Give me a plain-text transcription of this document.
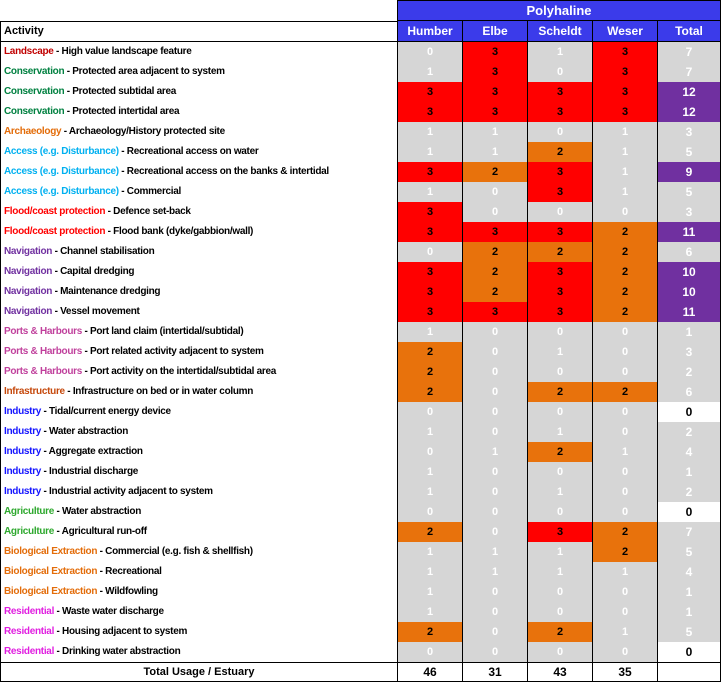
Polyhaline
Activity	Humber	Elbe	Scheldt	Weser	Total
Landscape - High value landscape feature	0	3	1	3	7
Conservation - Protected area adjacent to system	1	3	0	3	7
Conservation - Protected subtidal area	3	3	3	3	12
Conservation - Protected intertidal area	3	3	3	3	12
Archaeology - Archaeology/History protected site	1	1	0	1	3
Access (e.g. Disturbance) - Recreational access on water	1	1	2	1	5
Access (e.g. Disturbance) - Recreational access on the banks & intertidal	3	2	3	1	9
Access (e.g. Disturbance) - Commercial	1	0	3	1	5
Flood/coast protection - Defence set-back	3	0	0	0	3
Flood/coast protection - Flood bank (dyke/gabbion/wall)	3	3	3	2	11
Navigation - Channel stabilisation	0	2	2	2	6
Navigation - Capital dredging	3	2	3	2	10
Navigation - Maintenance dredging	3	2	3	2	10
Navigation - Vessel movement	3	3	3	2	11
Ports & Harbours - Port land claim (intertidal/subtidal)	1	0	0	0	1
Ports & Harbours - Port related activity adjacent to system	2	0	1	0	3
Ports & Harbours - Port activity on the intertidal/subtidal area	2	0	0	0	2
Infrastructure - Infrastructure on bed or in water column	2	0	2	2	6
Industry - Tidal/current energy device	0	0	0	0	0
Industry - Water abstraction	1	0	1	0	2
Industry - Aggregate extraction	0	1	2	1	4
Industry - Industrial discharge	1	0	0	0	1
Industry - Industrial activity adjacent to system	1	0	1	0	2
Agriculture - Water abstraction	0	0	0	0	0
Agriculture - Agricultural run-off	2	0	3	2	7
Biological Extraction - Commercial (e.g. fish & shellfish)	1	1	1	2	5
Biological Extraction - Recreational	1	1	1	1	4
Biological Extraction - Wildfowling	1	0	0	0	1
Residential - Waste water discharge	1	0	0	0	1
Residential - Housing adjacent to system	2	0	2	1	5
Residential - Drinking water abstraction	0	0	0	0	0
Total Usage / Estuary	46	31	43	35
